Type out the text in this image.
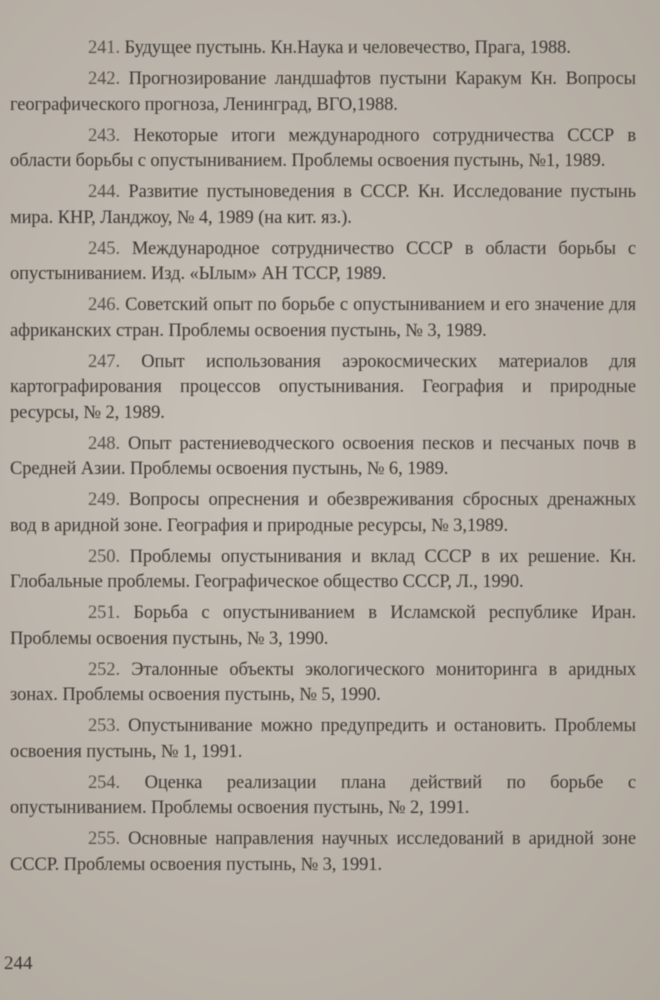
241. Будущее пустынь. Кн.Наука и человечество, Прага, 1988.
242. Прогнозирование ландшафтов пустыни Каракум Кн. Вопросы географического прогноза, Ленинград, ВГО,1988.
243. Некоторые итоги международного сотрудничества СССР в области борьбы с опустыниванием. Проблемы освоения пустынь, №1, 1989.
244. Развитие пустыноведения в СССР. Кн. Исследование пустынь мира. КНР, Ланджоу, № 4, 1989 (на кит. яз.).
245. Международное сотрудничество СССР в области борьбы с опустыниванием. Изд. «Ылым» АН ТССР, 1989.
246. Советский опыт по борьбе с опустыниванием и его значение для африканских стран. Проблемы освоения пустынь, № 3, 1989.
247. Опыт использования аэрокосмических материалов для картографирования процессов опустынивания. География и природные ресурсы, № 2, 1989.
248. Опыт растениеводческого освоения песков и песчаных почв в Средней Азии. Проблемы освоения пустынь, № 6, 1989.
249. Вопросы опреснения и обезвреживания сбросных дренажных вод в аридной зоне. География и природные ресурсы, № 3,1989.
250. Проблемы опустынивания и вклад СССР в их решение. Кн. Глобальные проблемы. Географическое общество СССР, Л., 1990.
251. Борьба с опустыниванием в Исламской республике Иран. Проблемы освоения пустынь, № 3, 1990.
252. Эталонные объекты экологического мониторинга в аридных зонах. Проблемы освоения пустынь, № 5, 1990.
253. Опустынивание можно предупредить и остановить. Проблемы освоения пустынь, № 1, 1991.
254. Оценка реализации плана действий по борьбе с опустыниванием. Проблемы освоения пустынь, № 2, 1991.
255. Основные направления научных исследований в аридной зоне СССР. Проблемы освоения пустынь, № 3, 1991.
244
